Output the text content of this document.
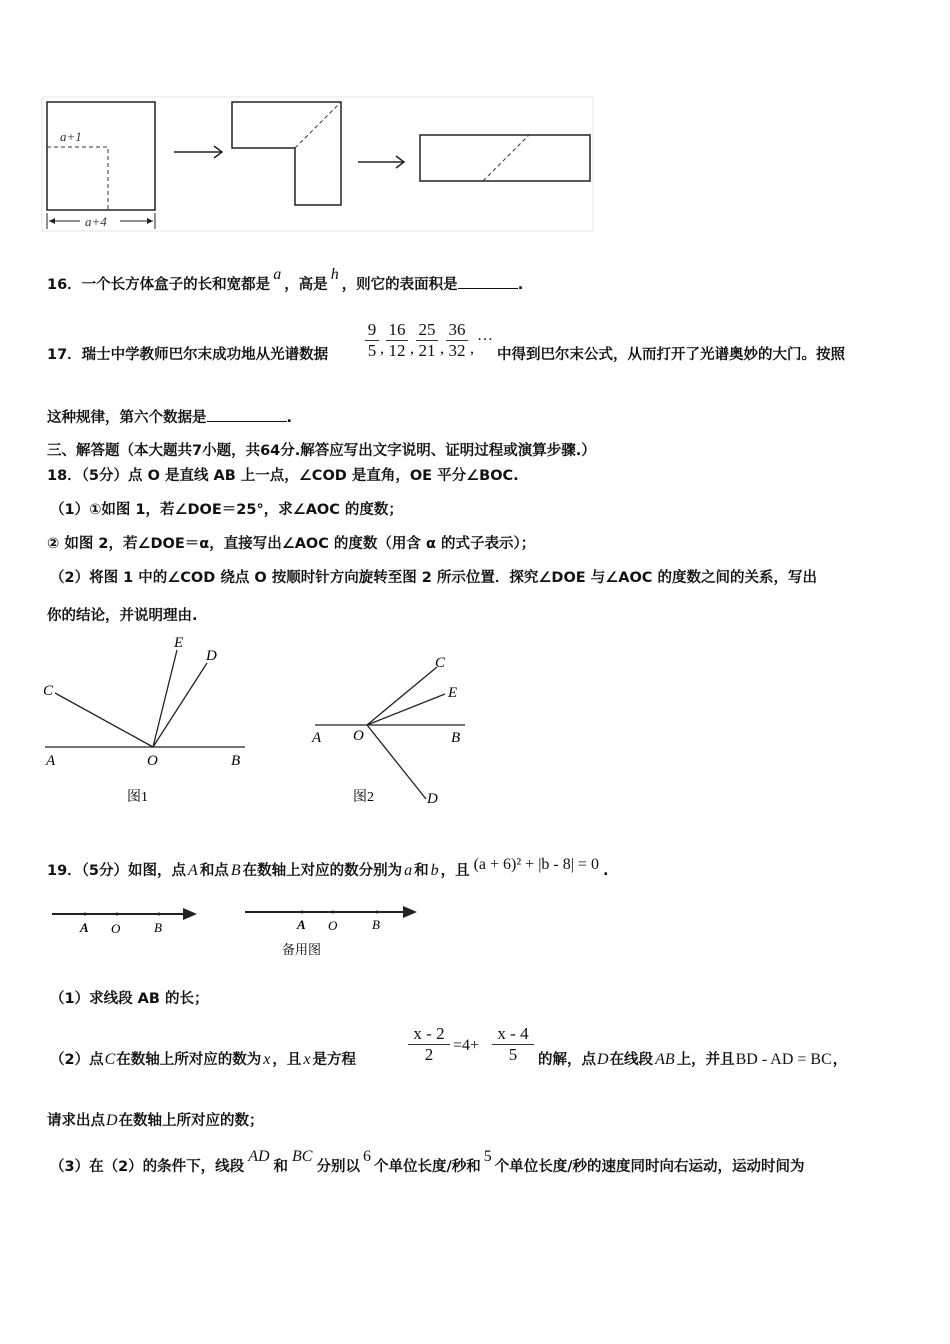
a+1
a+4
16．一个长方体盒子的长和宽都是a，高是h，则它的表面积是	.
17．瑞士中学教师巴尔末成功地从光谱数据 $\frac{9}{5}$ , $\frac{16}{12}$ , $\frac{25}{21}$ , $\frac{36}{32}$ ,
…
中得到巴尔末公式，从而打开了光谱奥妙的大门。按照
这种规律，第六个数据是	.
三、解答题（本大题共7小题，共64分.解答应写出文字说明、证明过程或演算步骤.）
18．（5分）点 O 是直线 AB 上一点，∠COD 是直角，OE 平分∠BOC.
（1）①如图 1，若∠DOE＝25°，求∠AOC 的度数；
② 如图 2，若∠DOE＝α，直接写出∠AOC 的度数（用含 α 的式子表示）；
（2）将图 1 中的∠COD 绕点 O 按顺时针方向旋转至图 2 所示位置．探究∠DOE 与∠AOC 的度数之间的关系，写出
你的结论，并说明理由.
C
E
D
A	O	B
图1
C
E
A O	B
D
图2
19．（5分）如图，点 A 和点 B 在数轴上对应的数分别为 a 和 b ，且 (a + 6)² + |b - 8| = 0 .
A O	B	A O	B
备用图
（1）求线段 AB 的长；
（2）点C在数轴上所对应的数为 x ，且 x 是方程	$\frac{x - 2}{2} =4+ \frac{x - 4}{5}$ 的解，点D在线段 AB 上，并且BD - AD = BC，
请求出点D在数轴上所对应的数；
（3）在（2）的条件下，线段AD和BC分别以6个单位长度/秒和5个单位长度/秒的速度同时向右运动，运动时间为
